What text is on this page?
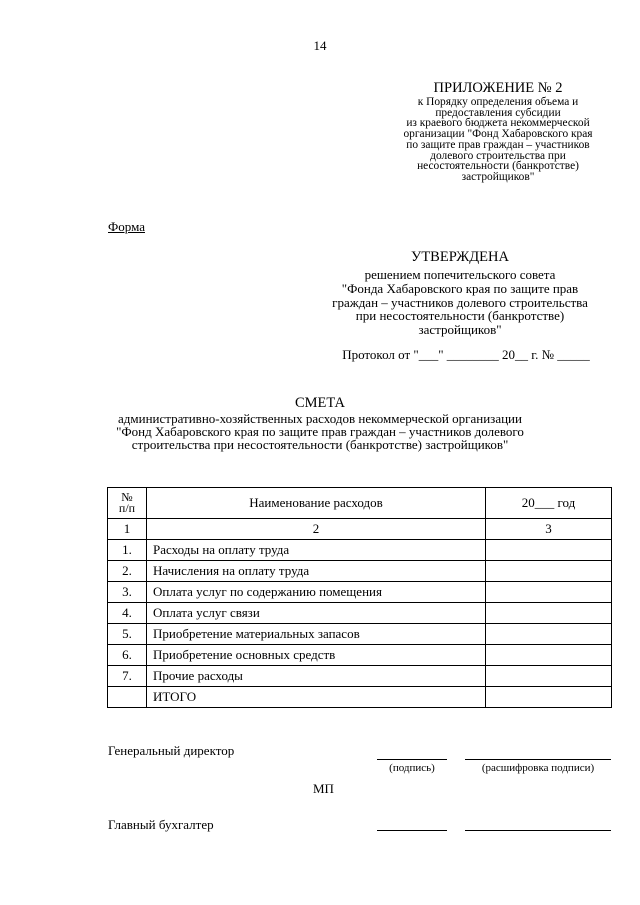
14
ПРИЛОЖЕНИЕ № 2
к Порядку определения объема и
предоставления субсидии
из краевого бюджета некоммерческой
организации "Фонд Хабаровского края
по защите прав граждан – участников
долевого строительства при
несостоятельности (банкротстве)
застройщиков"
Форма
УТВЕРЖДЕНА
решением попечительского совета
"Фонда Хабаровского края по защите прав
граждан – участников долевого строительства
при несостоятельности (банкротстве)
застройщиков"
Протокол от "___" ________ 20__ г. № _____
СМЕТА
административно-хозяйственных расходов некоммерческой организации
"Фонд Хабаровского края по защите прав граждан – участников долевого
строительства при несостоятельности (банкротстве) застройщиков"
№
п/п	Наименование расходов	20___ год
1	2	3
1.	Расходы на оплату труда	
2.	Начисления на оплату труда	
3.	Оплата услуг по содержанию помещения	
4.	Оплата услуг связи	
5.	Приобретение материальных запасов	
6.	Приобретение основных средств	
7.	Прочие расходы	
	ИТОГО	
Генеральный директор
(подпись)	(расшифровка подписи)
МП
Главный бухгалтер
